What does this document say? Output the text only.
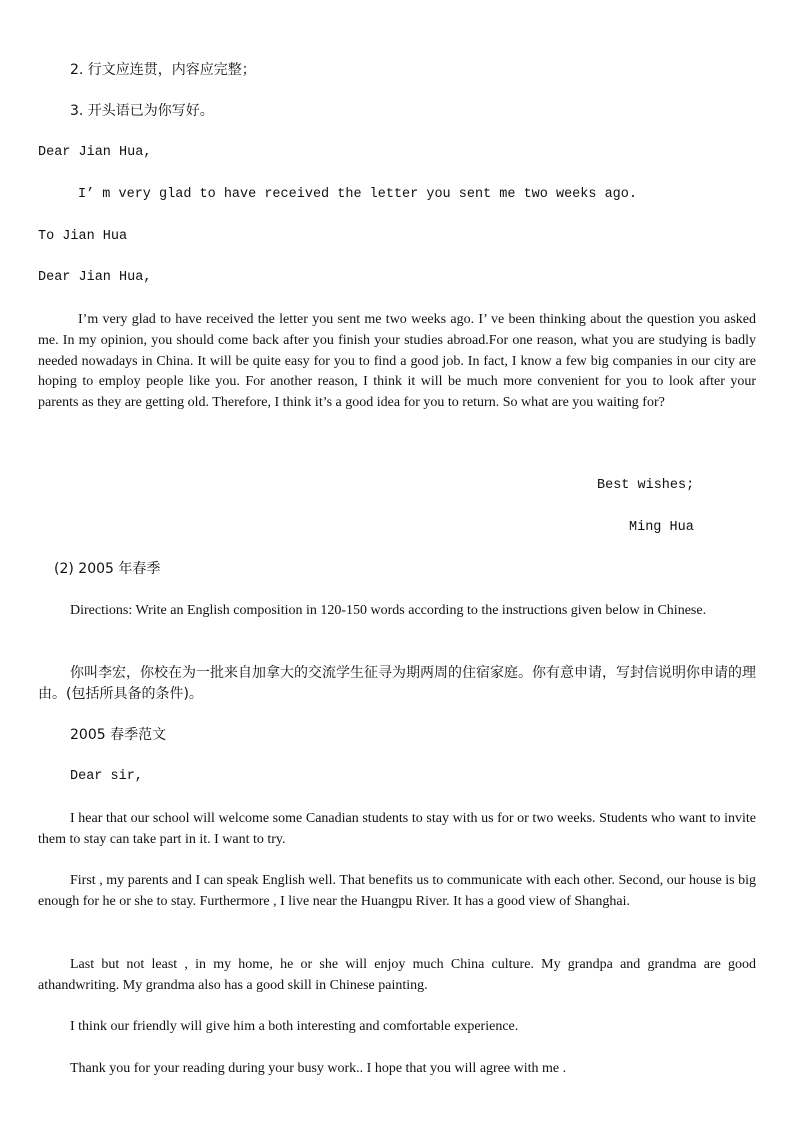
2. 行文应连贯，内容应完整；
3. 开头语已为你写好。
Dear Jian Hua,
I’ m very glad to have received the letter you sent me two weeks ago.
To Jian Hua
Dear Jian Hua,
I’m very glad to have received the letter you sent me two weeks ago. I’ ve been thinking about the question you asked me. In my opinion, you should come back after you finish your studies abroad.For one reason, what you are studying is badly needed nowadays in China. It will be quite easy for you to find a good job. In fact, I know a few big companies in our city are hoping to employ people like you. For another reason, I think it will be much more convenient for you to look after your parents as they are getting old. Therefore, I think it’s a good idea for you to return. So what are you waiting for?
Best wishes;
Ming Hua
(2) 2005 年春季
Directions: Write an English composition in 120-150 words according to the instructions given below in Chinese.
你叫李宏，你校在为一批来自加拿大的交流学生征寻为期两周的住宿家庭。你有意申请，写封信说明你申请的理由。(包括所具备的条件)。
2005 春季范文
Dear sir,
I hear that our school will welcome some Canadian students to stay with us for or two weeks. Students who want to invite them to stay can take part in it. I want to try.
First , my parents and I can speak English well. That benefits us to communicate with each other. Second, our house is big enough for he or she to stay. Furthermore , I live near the Huangpu River. It has a good view of Shanghai.
Last but not least , in my home, he or she will enjoy much China culture. My grandpa and grandma are good athandwriting. My grandma also has a good skill in Chinese painting.
I think our friendly will give him a both interesting and comfortable experience.
Thank you for your reading during your busy work.. I hope that you will agree with me .
